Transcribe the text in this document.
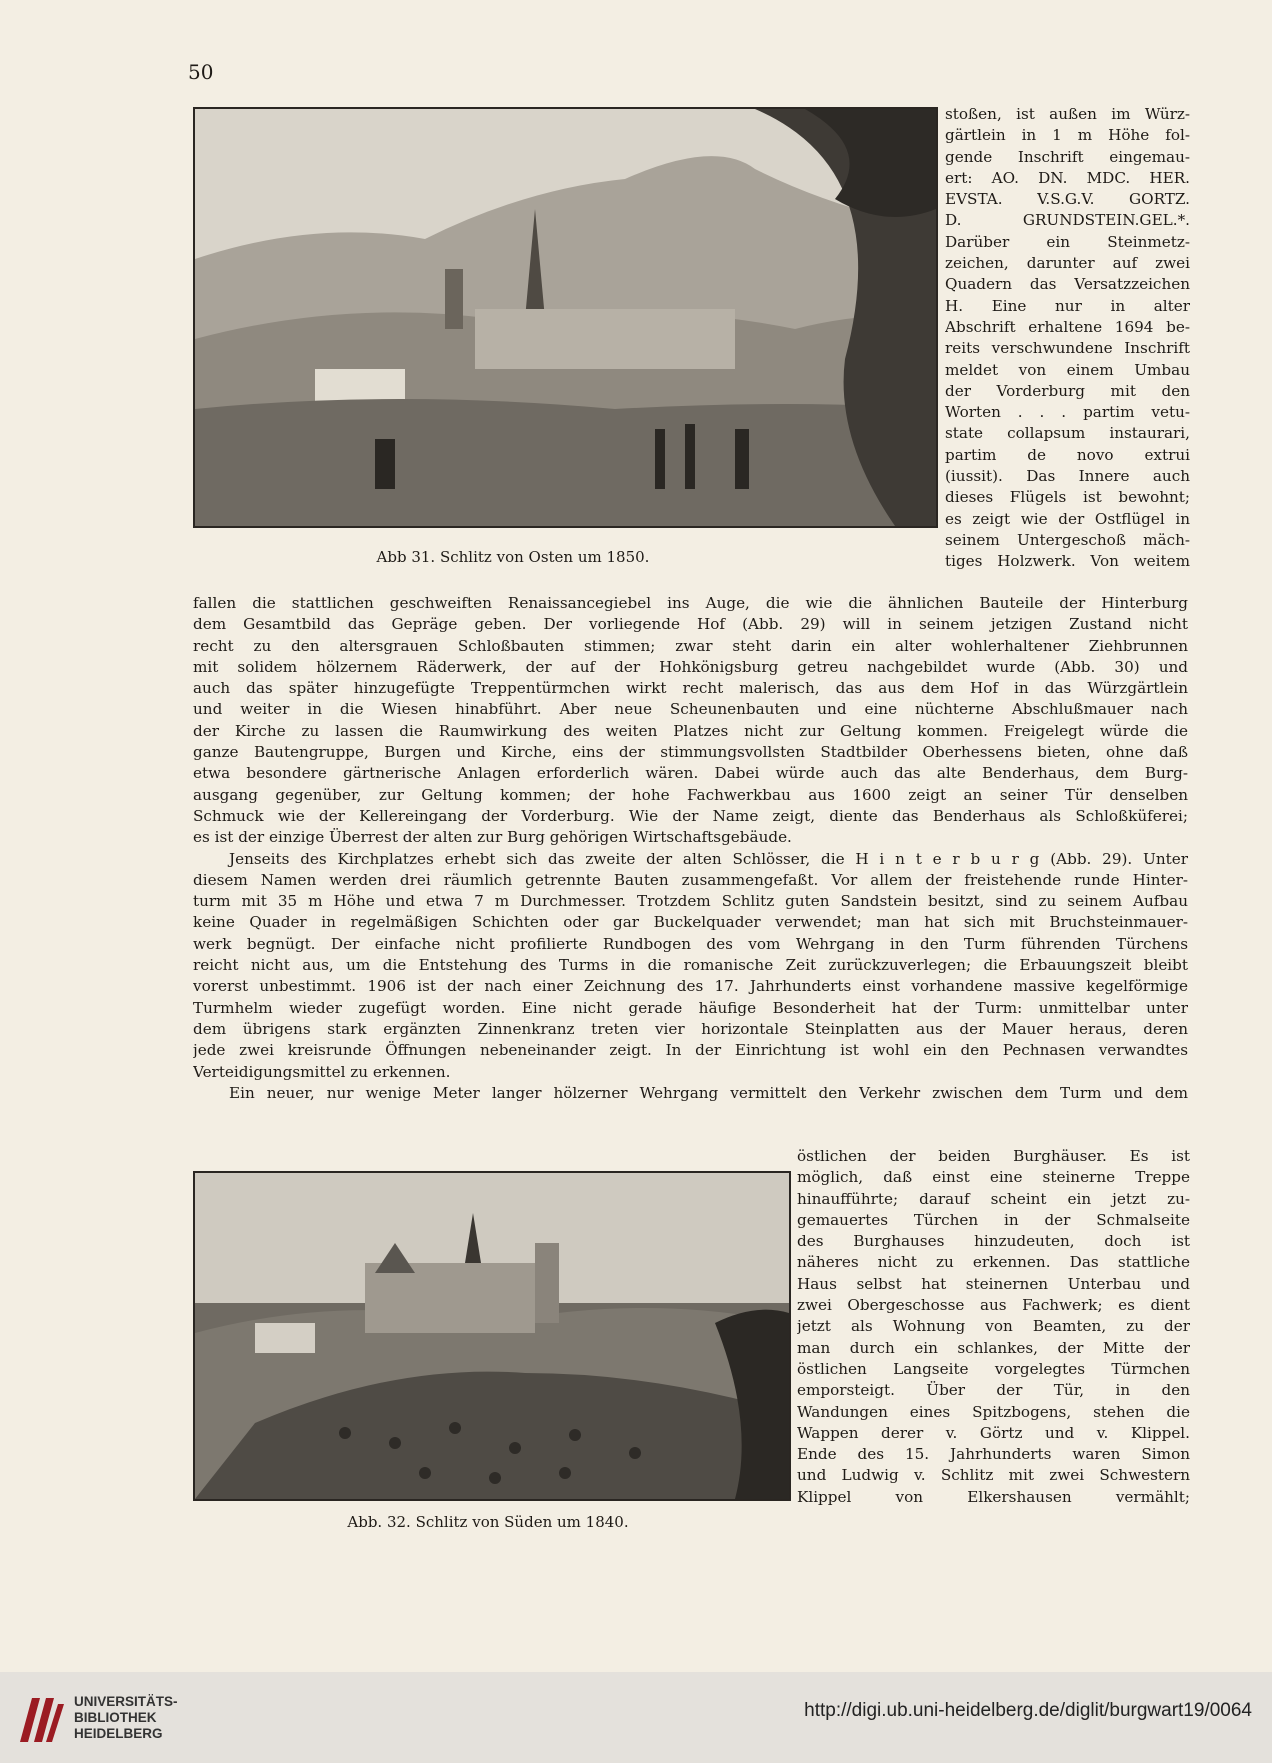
50
Abb 31. Schlitz von Osten um 1850.
stoßen, ist außen im Würz-
gärtlein in 1 m Höhe fol-
gende Inschrift eingemau-
ert: AO. DN. MDC. HER.
EVSTA. V.S.G.V. GORTZ.
D. GRUNDSTEIN.GEL.*.
Darüber ein Steinmetz-
zeichen, darunter auf zwei
Quadern das Versatzzeichen
H. Eine nur in alter
Abschrift erhaltene 1694 be-
reits verschwundene Inschrift
meldet von einem Umbau
der Vorderburg mit den
Worten . . . partim vetu-
state collapsum instaurari,
partim de novo extrui
(iussit). Das Innere auch
dieses Flügels ist bewohnt;
es zeigt wie der Ostflügel in
seinem Untergeschoß mäch-
tiges Holzwerk. Von weitem
fallen die stattlichen geschweiften Renaissancegiebel ins Auge, die wie die ähnlichen Bauteile der Hinterburg
dem Gesamtbild das Gepräge geben. Der vorliegende Hof (Abb. 29) will in seinem jetzigen Zustand nicht
recht zu den altersgrauen Schloßbauten stimmen; zwar steht darin ein alter wohlerhaltener Ziehbrunnen
mit solidem hölzernem Räderwerk, der auf der Hohkönigsburg getreu nachgebildet wurde (Abb. 30) und
auch das später hinzugefügte Treppentürmchen wirkt recht malerisch, das aus dem Hof in das Würzgärtlein
und weiter in die Wiesen hinabführt. Aber neue Scheunenbauten und eine nüchterne Abschlußmauer nach
der Kirche zu lassen die Raumwirkung des weiten Platzes nicht zur Geltung kommen. Freigelegt würde die
ganze Bautengruppe, Burgen und Kirche, eins der stimmungsvollsten Stadtbilder Oberhessens bieten, ohne daß
etwa besondere gärtnerische Anlagen erforderlich wären. Dabei würde auch das alte Benderhaus, dem Burg-
ausgang gegenüber, zur Geltung kommen; der hohe Fachwerkbau aus 1600 zeigt an seiner Tür denselben
Schmuck wie der Kellereingang der Vorderburg. Wie der Name zeigt, diente das Benderhaus als Schloßküferei;
es ist der einzige Überrest der alten zur Burg gehörigen Wirtschaftsgebäude.
Jenseits des Kirchplatzes erhebt sich das zweite der alten Schlösser, die H i n t e r b u r g (Abb. 29). Unter
diesem Namen werden drei räumlich getrennte Bauten zusammengefaßt. Vor allem der freistehende runde Hinter-
turm mit 35 m Höhe und etwa 7 m Durchmesser. Trotzdem Schlitz guten Sandstein besitzt, sind zu seinem Aufbau
keine Quader in regelmäßigen Schichten oder gar Buckelquader verwendet; man hat sich mit Bruchsteinmauer-
werk begnügt. Der einfache nicht profilierte Rundbogen des vom Wehrgang in den Turm führenden Türchens
reicht nicht aus, um die Entstehung des Turms in die romanische Zeit zurückzuverlegen; die Erbauungszeit bleibt
vorerst unbestimmt. 1906 ist der nach einer Zeichnung des 17. Jahrhunderts einst vorhandene massive kegelförmige
Turmhelm wieder zugefügt worden. Eine nicht gerade häufige Besonderheit hat der Turm: unmittelbar unter
dem übrigens stark ergänzten Zinnenkranz treten vier horizontale Steinplatten aus der Mauer heraus, deren
jede zwei kreisrunde Öffnungen nebeneinander zeigt. In der Einrichtung ist wohl ein den Pechnasen verwandtes
Verteidigungsmittel zu erkennen.
Ein neuer, nur wenige Meter langer hölzerner Wehrgang vermittelt den Verkehr zwischen dem Turm und dem
Abb. 32. Schlitz von Süden um 1840.
östlichen der beiden Burghäuser. Es ist
möglich, daß einst eine steinerne Treppe
hinaufführte; darauf scheint ein jetzt zu-
gemauertes Türchen in der Schmalseite
des Burghauses hinzudeuten, doch ist
näheres nicht zu erkennen. Das stattliche
Haus selbst hat steinernen Unterbau und
zwei Obergeschosse aus Fachwerk; es dient
jetzt als Wohnung von Beamten, zu der
man durch ein schlankes, der Mitte der
östlichen Langseite vorgelegtes Türmchen
emporsteigt. Über der Tür, in den
Wandungen eines Spitzbogens, stehen die
Wappen derer v. Görtz und v. Klippel.
Ende des 15. Jahrhunderts waren Simon
und Ludwig v. Schlitz mit zwei Schwestern
Klippel von Elkershausen vermählt;
UNIVERSITÄTS-
BIBLIOTHEK
HEIDELBERG
http://digi.ub.uni-heidelberg.de/diglit/burgwart19/0064
